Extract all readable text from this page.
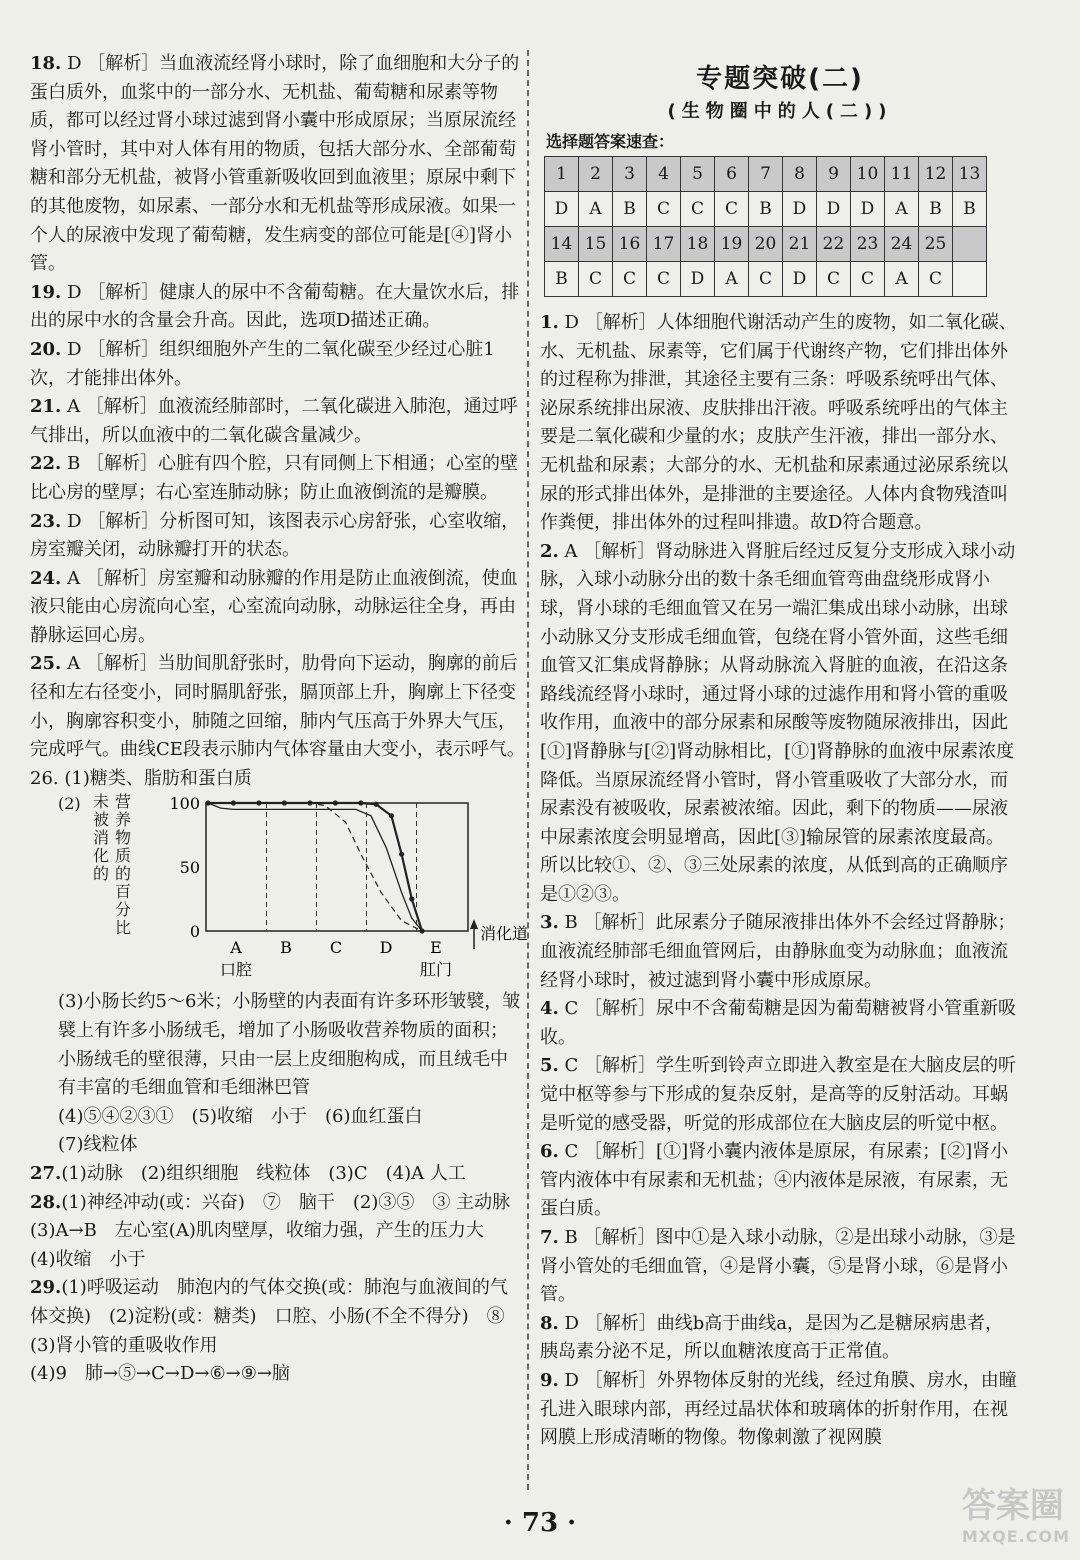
18. D ［解析］当血液流经肾小球时，除了血细胞和大分子的蛋白质外，血浆中的一部分水、无机盐、葡萄糖和尿素等物质，都可以经过肾小球过滤到肾小囊中形成原尿；当原尿流经肾小管时，其中对人体有用的物质，包括大部分水、全部葡萄糖和部分无机盐，被肾小管重新吸收回到血液里；原尿中剩下的其他废物，如尿素、一部分水和无机盐等形成尿液。如果一个人的尿液中发现了葡萄糖，发生病变的部位可能是[④]肾小管。

19. D ［解析］健康人的尿中不含葡萄糖。在大量饮水后，排出的尿中水的含量会升高。因此，选项D描述正确。

20. D ［解析］组织细胞外产生的二氧化碳至少经过心脏1次，才能排出体外。

21. A ［解析］血液流经肺部时，二氧化碳进入肺泡，通过呼气排出，所以血液中的二氧化碳含量减少。

22. B ［解析］心脏有四个腔，只有同侧上下相通；心室的壁比心房的壁厚；右心室连肺动脉；防止血液倒流的是瓣膜。

23. D ［解析］分析图可知，该图表示心房舒张，心室收缩，房室瓣关闭，动脉瓣打开的状态。

24. A ［解析］房室瓣和动脉瓣的作用是防止血液倒流，使血液只能由心房流向心室，心室流向动脉，动脉运往全身，再由静脉运回心房。

25. A ［解析］当肋间肌舒张时，肋骨向下运动，胸廓的前后径和左右径变小，同时膈肌舒张，膈顶部上升，胸廓上下径变小，胸廓容积变小，肺随之回缩，肺内气压高于外界大气压，完成呼气。曲线CE段表示肺内气体容量由大变小，表示呼气。

26. (1)糖类、脂肪和蛋白质

(2) 未被消化的
营养物质的百分比
100
50
0
A
口腔
B C D E
肛门
消化道

(3)小肠长约5～6米；小肠壁的内表面有许多环形皱襞，皱襞上有许多小肠绒毛，增加了小肠吸收营养物质的面积；小肠绒毛的壁很薄，只由一层上皮细胞构成，而且绒毛中有丰富的毛细血管和毛细淋巴管

(4)⑤④②③①　(5)收缩　小于　(6)血红蛋白

(7)线粒体

27.(1)动脉　(2)组织细胞　线粒体　(3)C　(4)A 人工

28.(1)神经冲动(或：兴奋)　⑦　脑干　(2)③⑤　③ 主动脉　(3)A→B　左心室(A)肌肉壁厚，收缩力强，产生的压力大　(4)收缩　小于

29.(1)呼吸运动　肺泡内的气体交换(或：肺泡与血液间的气体交换)　(2)淀粉(或：糖类)　口腔、小肠(不全不得分)　⑧　(3)肾小管的重吸收作用

(4)9　肺→⑤→C→D→⑥→⑨→脑

专题突破(二)

(生物圈中的人(二))

选择题答案速查：

1	2	3	4	5	6	7	8	9	10	11	12	13
D	A	B	C	C	C	B	D	D	D	A	B	B
14	15	16	17	18	19	20	21	22	23	24	25	
B	C	C	C	D	A	C	D	C	C	A	C	

1. D ［解析］人体细胞代谢活动产生的废物，如二氧化碳、水、无机盐、尿素等，它们属于代谢终产物，它们排出体外的过程称为排泄，其途径主要有三条：呼吸系统呼出气体、泌尿系统排出尿液、皮肤排出汗液。呼吸系统呼出的气体主要是二氧化碳和少量的水；皮肤产生汗液，排出一部分水、无机盐和尿素；大部分的水、无机盐和尿素通过泌尿系统以尿的形式排出体外，是排泄的主要途径。人体内食物残渣叫作粪便，排出体外的过程叫排遗。故D符合题意。

2. A ［解析］肾动脉进入肾脏后经过反复分支形成入球小动脉，入球小动脉分出的数十条毛细血管弯曲盘绕形成肾小球，肾小球的毛细血管又在另一端汇集成出球小动脉，出球小动脉又分支形成毛细血管，包绕在肾小管外面，这些毛细血管又汇集成肾静脉；从肾动脉流入肾脏的血液，在沿这条路线流经肾小球时，通过肾小球的过滤作用和肾小管的重吸收作用，血液中的部分尿素和尿酸等废物随尿液排出，因此[①]肾静脉与[②]肾动脉相比，[①]肾静脉的血液中尿素浓度降低。当原尿流经肾小管时，肾小管重吸收了大部分水，而尿素没有被吸收，尿素被浓缩。因此，剩下的物质——尿液中尿素浓度会明显增高，因此[③]输尿管的尿素浓度最高。所以比较①、②、③三处尿素的浓度，从低到高的正确顺序是①②③。

3. B ［解析］此尿素分子随尿液排出体外不会经过肾静脉；血液流经肺部毛细血管网后，由静脉血变为动脉血；血液流经肾小球时，被过滤到肾小囊中形成原尿。

4. C ［解析］尿中不含葡萄糖是因为葡萄糖被肾小管重新吸收。

5. C ［解析］学生听到铃声立即进入教室是在大脑皮层的听觉中枢等参与下形成的复杂反射，是高等的反射活动。耳蜗是听觉的感受器，听觉的形成部位在大脑皮层的听觉中枢。

6. C ［解析］[①]肾小囊内液体是原尿，有尿素；[②]肾小管内液体中有尿素和无机盐；④内液体是尿液，有尿素，无蛋白质。

7. B ［解析］图中①是入球小动脉，②是出球小动脉，③是肾小管处的毛细血管，④是肾小囊，⑤是肾小球，⑥是肾小管。

8. D ［解析］曲线b高于曲线a，是因为乙是糖尿病患者，胰岛素分泌不足，所以血糖浓度高于正常值。

9. D ［解析］外界物体反射的光线，经过角膜、房水，由瞳孔进入眼球内部，再经过晶状体和玻璃体的折射作用，在视网膜上形成清晰的物像。物像刺激了视网膜

· 73 ·	答案圈
MXQE.COM
